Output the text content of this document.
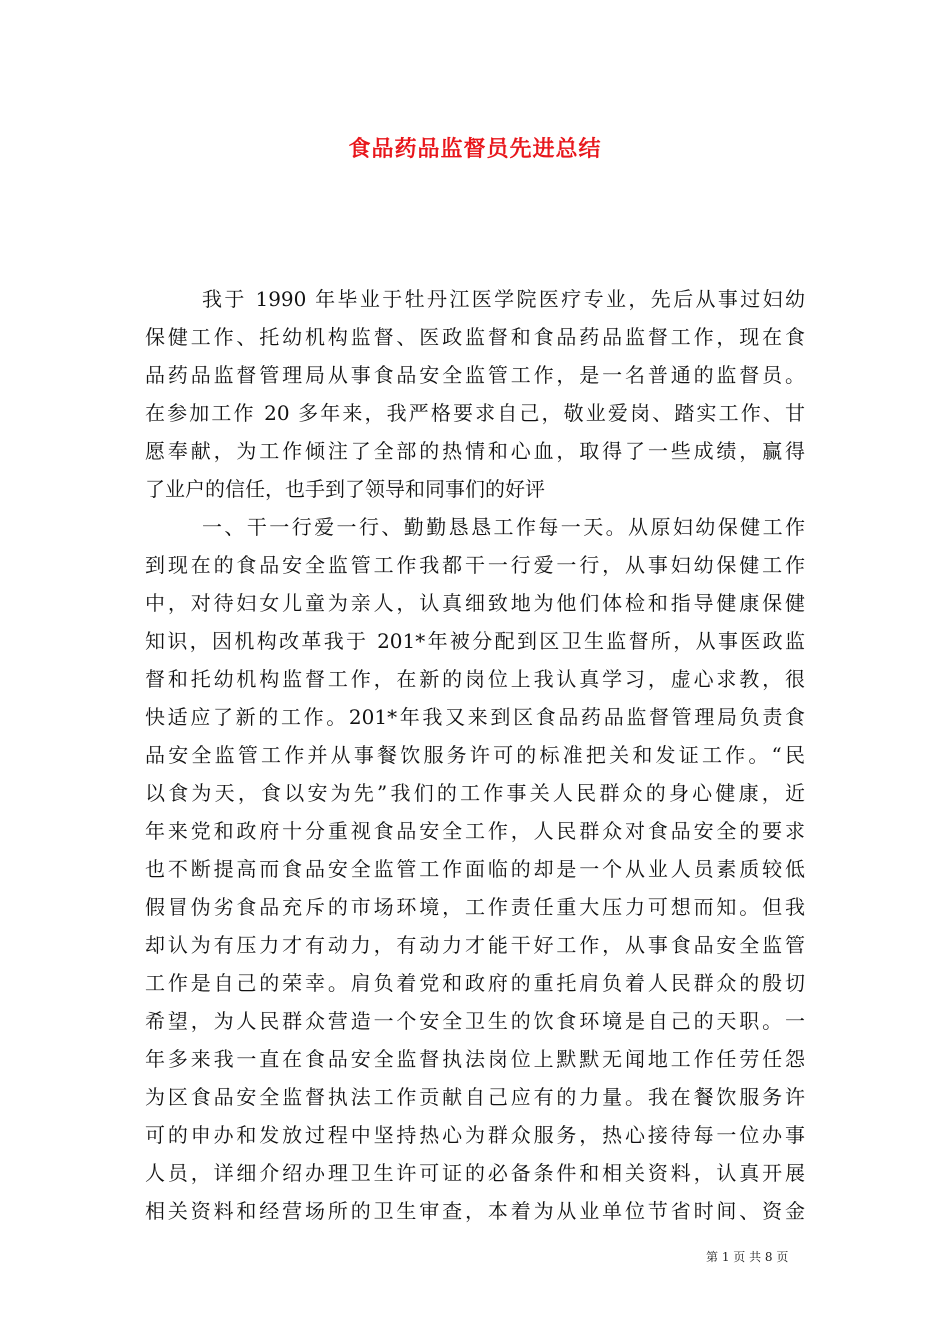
食品药品监督员先进总结

我于 1990 年毕业于牡丹江医学院医疗专业，先后从事过妇幼

保健工作、托幼机构监督、医政监督和食品药品监督工作，现在食

品药品监督管理局从事食品安全监管工作，是一名普通的监督员。

在参加工作 20 多年来，我严格要求自己，敬业爱岗、踏实工作、甘

愿奉献，为工作倾注了全部的热情和心血，取得了一些成绩，赢得

了业户的信任，也手到了领导和同事们的好评

一、干一行爱一行、勤勤恳恳工作每一天。从原妇幼保健工作

到现在的食品安全监管工作我都干一行爱一行，从事妇幼保健工作

中，对待妇女儿童为亲人，认真细致地为他们体检和指导健康保健

知识，因机构改革我于 201*年被分配到区卫生监督所，从事医政监

督和托幼机构监督工作，在新的岗位上我认真学习，虚心求教，很

快适应了新的工作。201*年我又来到区食品药品监督管理局负责食

品安全监管工作并从事餐饮服务许可的标准把关和发证工作。“民

以食为天，食以安为先”我们的工作事关人民群众的身心健康，近

年来党和政府十分重视食品安全工作，人民群众对食品安全的要求

也不断提高而食品安全监管工作面临的却是一个从业人员素质较低

假冒伪劣食品充斥的市场环境，工作责任重大压力可想而知。但我

却认为有压力才有动力，有动力才能干好工作，从事食品安全监管

工作是自己的荣幸。肩负着党和政府的重托肩负着人民群众的殷切

希望，为人民群众营造一个安全卫生的饮食环境是自己的天职。一

年多来我一直在食品安全监督执法岗位上默默无闻地工作任劳任怨

为区食品安全监督执法工作贡献自己应有的力量。我在餐饮服务许

可的申办和发放过程中坚持热心为群众服务，热心接待每一位办事

人员，详细介绍办理卫生许可证的必备条件和相关资料，认真开展

相关资料和经营场所的卫生审查，本着为从业单位节省时间、资金

第 1 页 共 8 页
